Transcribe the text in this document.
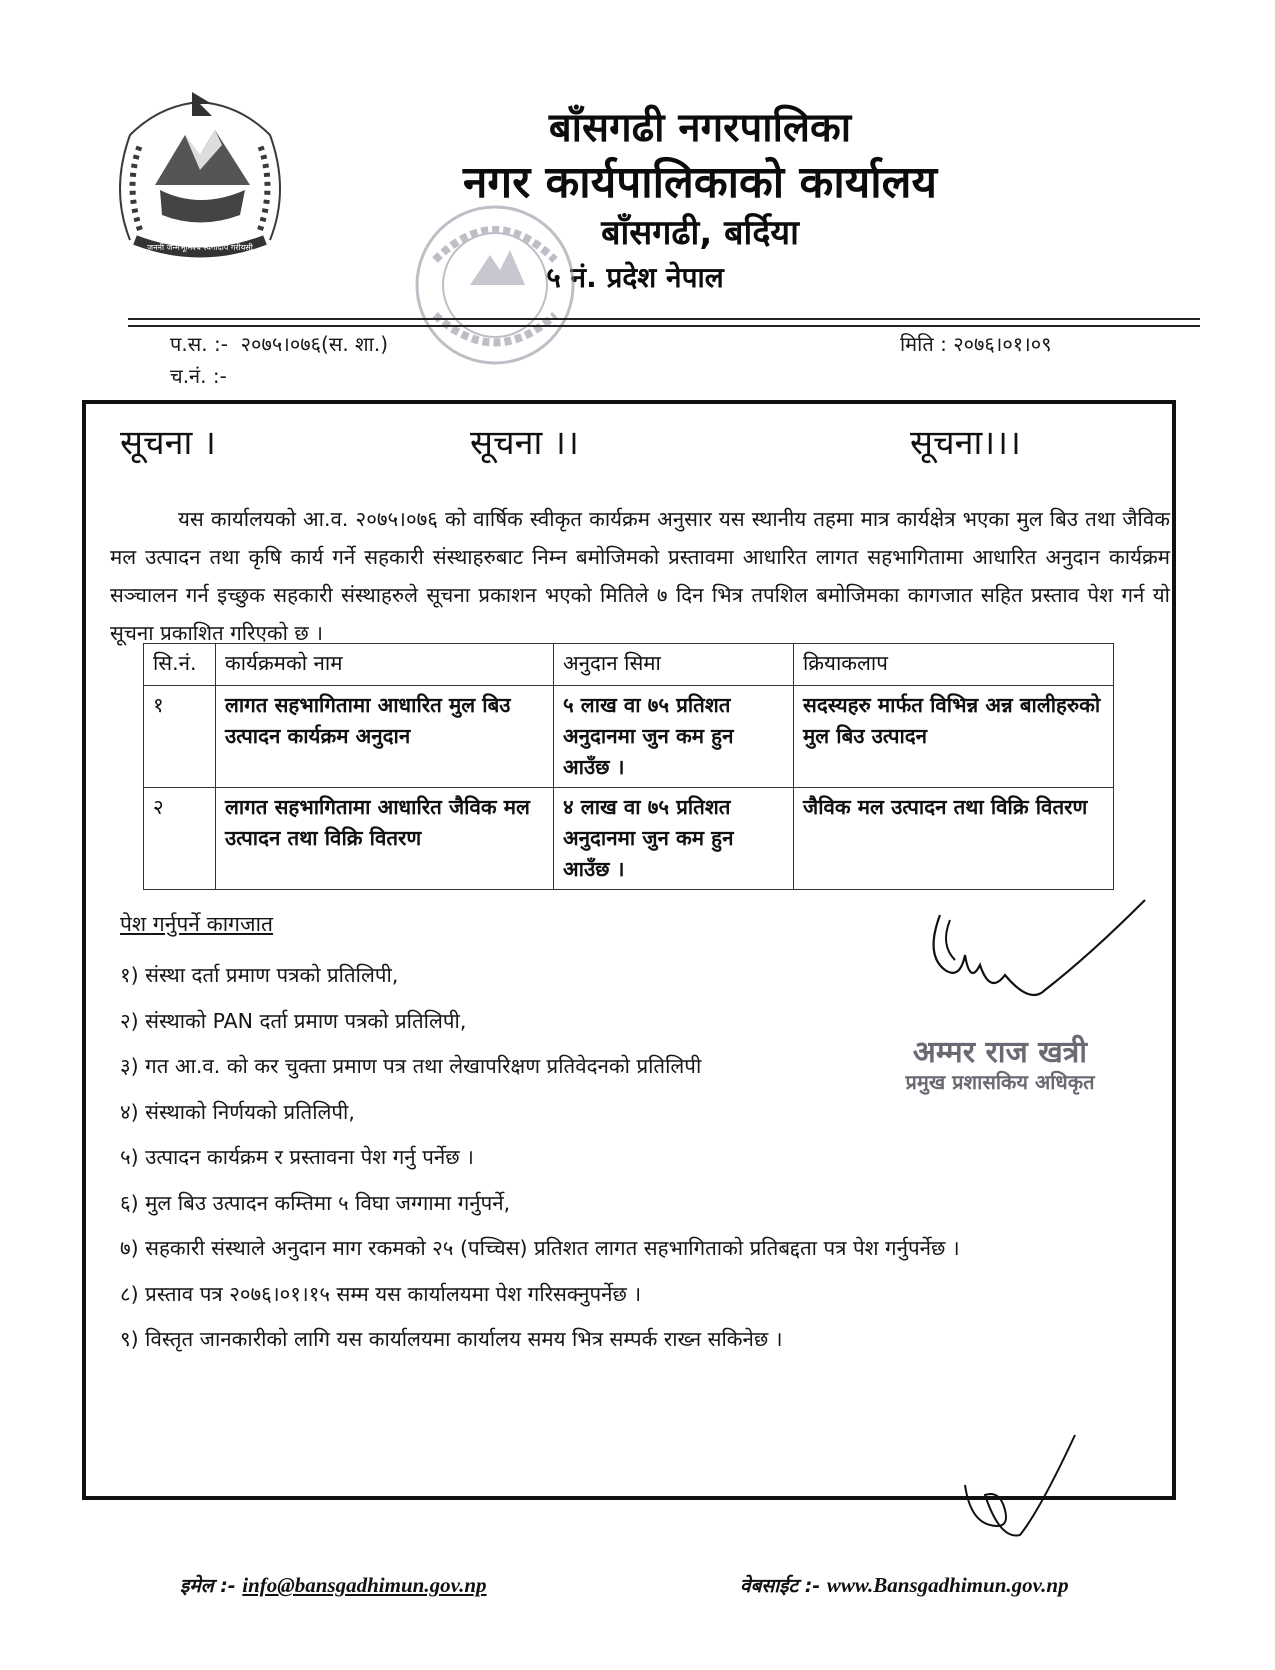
जननी जन्मभूमिश्च स्वर्गादपि गरीयसी
बाँसगढी नगरपालिका
नगर कार्यपालिकाको कार्यालय
बाँसगढी, बर्दिया
५ नं. प्रदेश नेपाल
प.स. :- २०७५।०७६(स. शा.)
च.नं. :-
मिति : २०७६।०१।०९
सूचना ।	सूचना ।।	सूचना।।।
यस कार्यालयको आ.व. २०७५।०७६ को वार्षिक स्वीकृत कार्यक्रम अनुसार यस स्थानीय तहमा मात्र कार्यक्षेत्र भएका मुल बिउ तथा जैविक मल उत्पादन तथा कृषि कार्य गर्ने सहकारी संस्थाहरुबाट निम्न बमोजिमको प्रस्तावमा आधारित लागत सहभागितामा आधारित अनुदान कार्यक्रम सञ्चालन गर्न इच्छुक सहकारी संस्थाहरुले सूचना प्रकाशन भएको मितिले ७ दिन भित्र तपशिल बमोजिमका कागजात सहित प्रस्ताव पेश गर्न यो सूचना प्रकाशित गरिएको छ ।
सि.नं.	कार्यक्रमको नाम	अनुदान सिमा	क्रियाकलाप
१	लागत सहभागितामा आधारित मुल बिउ उत्पादन कार्यक्रम अनुदान	५ लाख वा ७५ प्रतिशत अनुदानमा जुन कम हुन आउँछ ।	सदस्यहरु मार्फत विभिन्न अन्न बालीहरुको मुल बिउ उत्पादन
२	लागत सहभागितामा आधारित जैविक मल उत्पादन तथा विक्रि वितरण	४ लाख वा ७५ प्रतिशत अनुदानमा जुन कम हुन आउँछ ।	जैविक मल उत्पादन तथा विक्रि वितरण
पेश गर्नुपर्ने कागजात
१) संस्था दर्ता प्रमाण पत्रको प्रतिलिपी,
२) संस्थाको PAN दर्ता प्रमाण पत्रको प्रतिलिपी,
३) गत आ.व. को कर चुक्ता प्रमाण पत्र तथा लेखापरिक्षण प्रतिवेदनको प्रतिलिपी
४) संस्थाको निर्णयको प्रतिलिपी,
५) उत्पादन कार्यक्रम र प्रस्तावना पेश गर्नु पर्नेछ ।
६) मुल बिउ उत्पादन कम्तिमा ५ विघा जग्गामा गर्नुपर्ने,
७) सहकारी संस्थाले अनुदान माग रकमको २५ (पच्चिस) प्रतिशत लागत सहभागिताको प्रतिबद्दता पत्र पेश गर्नुपर्नेछ ।
८) प्रस्ताव पत्र २०७६।०१।१५ सम्म यस कार्यालयमा पेश गरिसक्नुपर्नेछ ।
९) विस्तृत जानकारीको लागि यस कार्यालयमा कार्यालय समय भित्र सम्पर्क राख्न सकिनेछ ।
अम्मर राज खत्री
प्रमुख प्रशासकिय अधिकृत
इमेल :- info@bansgadhimun.gov.np	वेबसाईट :- www.Bansgadhimun.gov.np
